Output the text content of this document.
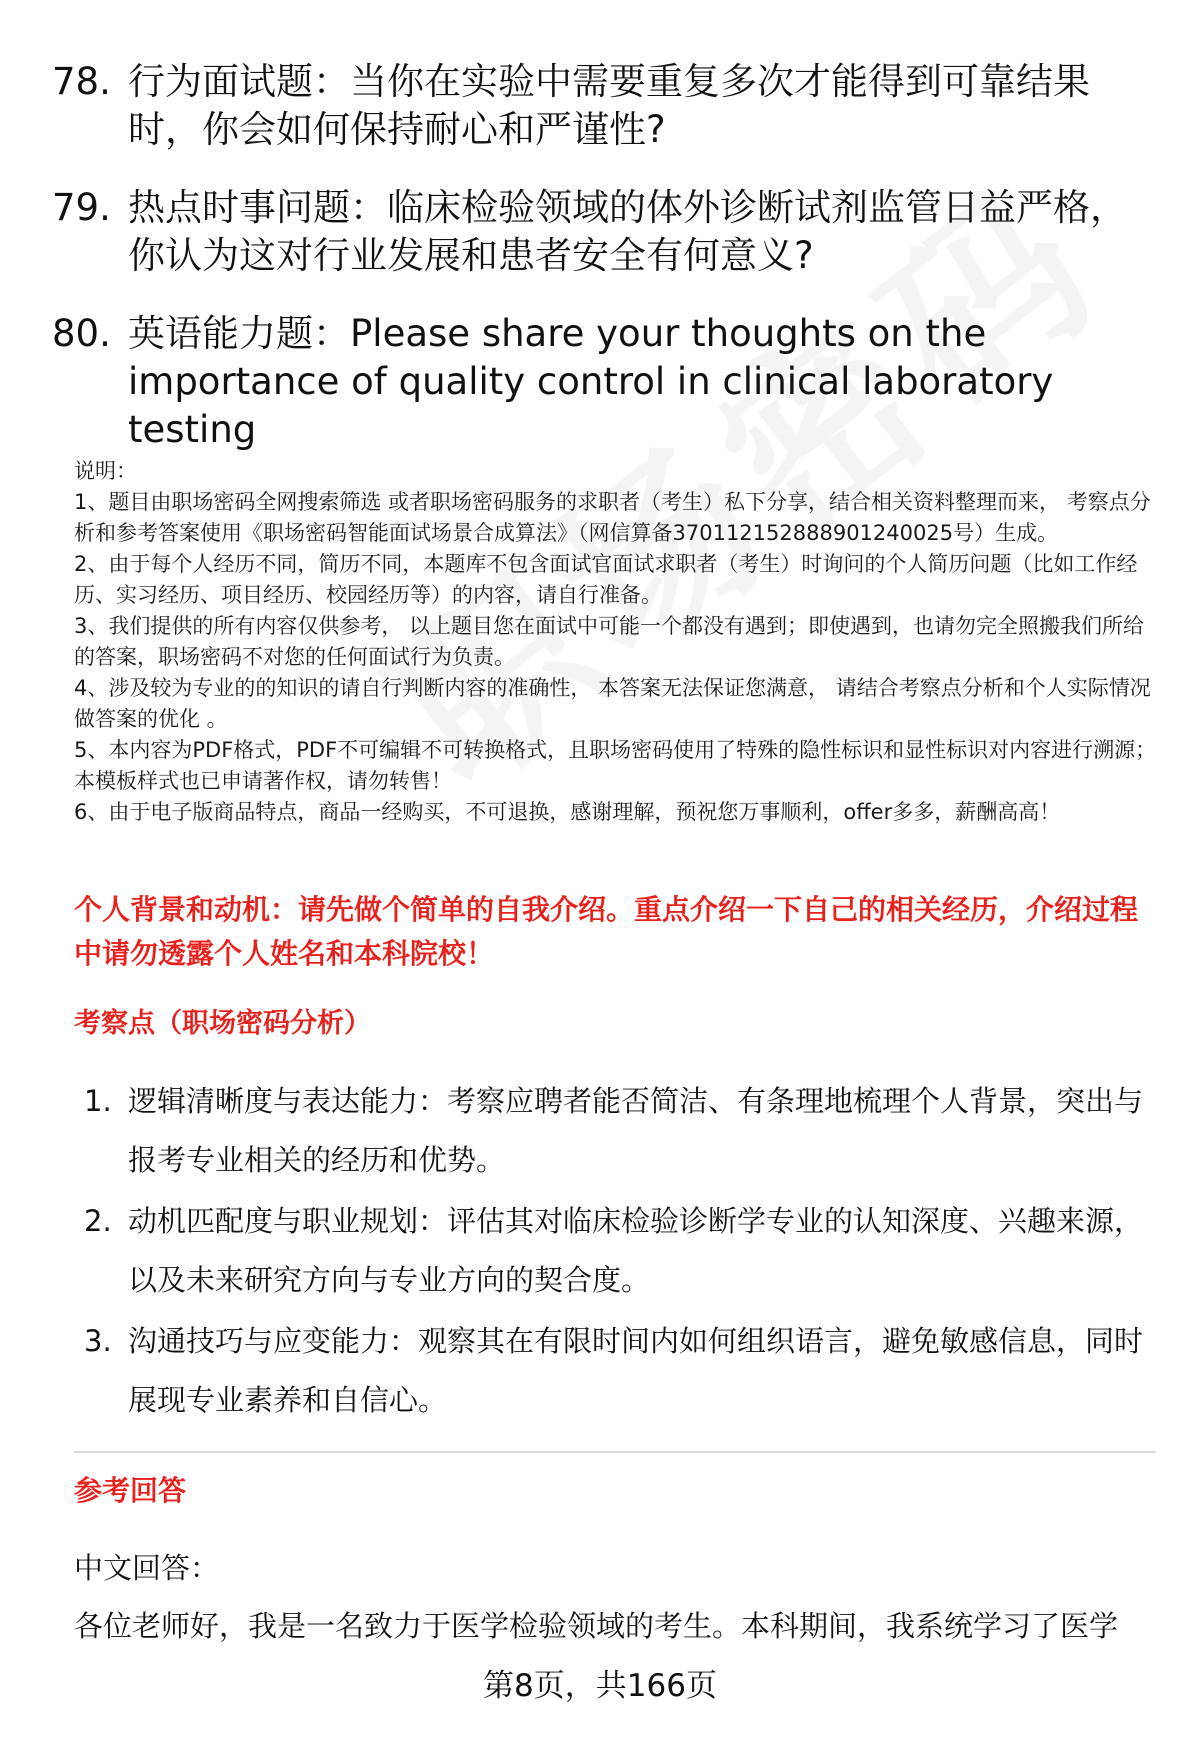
78. 行为面试题：当你在实验中需要重复多次才能得到可靠结果时，你会如何保持耐心和严谨性?
79. 热点时事问题：临床检验领域的体外诊断试剂监管日益严格，你认为这对行业发展和患者安全有何意义?
80. 英语能力题：Please share your thoughts on the importance of quality control in clinical laboratory testing
说明：
1、题目由职场密码全网搜索筛选 或者职场密码服务的求职者（考生）私下分享，结合相关资料整理而来， 考察点分析和参考答案使用《职场密码智能面试场景合成算法》（网信算备370112152888901240025号）生成。
2、由于每个人经历不同，简历不同，本题库不包含面试官面试求职者（考生）时询问的个人简历问题（比如工作经历、实习经历、项目经历、校园经历等）的内容，请自行准备。
3、我们提供的所有内容仅供参考， 以上题目您在面试中可能一个都没有遇到；即使遇到，也请勿完全照搬我们所给的答案，职场密码不对您的任何面试行为负责。
4、涉及较为专业的的知识的请自行判断内容的准确性， 本答案无法保证您满意， 请结合考察点分析和个人实际情况做答案的优化 。
5、本内容为PDF格式，PDF不可编辑不可转换格式，且职场密码使用了特殊的隐性标识和显性标识对内容进行溯源；本模板样式也已申请著作权，请勿转售！
6、由于电子版商品特点，商品一经购买，不可退换，感谢理解，预祝您万事顺利，offer多多，薪酬高高！
个人背景和动机：请先做个简单的自我介绍。重点介绍一下自己的相关经历，介绍过程中请勿透露个人姓名和本科院校！
考察点（职场密码分析）
1. 逻辑清晰度与表达能力：考察应聘者能否简洁、有条理地梳理个人背景，突出与报考专业相关的经历和优势。
2. 动机匹配度与职业规划：评估其对临床检验诊断学专业的认知深度、兴趣来源，以及未来研究方向与专业方向的契合度。
3. 沟通技巧与应变能力：观察其在有限时间内如何组织语言，避免敏感信息，同时展现专业素养和自信心。
参考回答
中文回答：
各位老师好，我是一名致力于医学检验领域的考生。本科期间，我系统学习了医学
第8页，共166页
